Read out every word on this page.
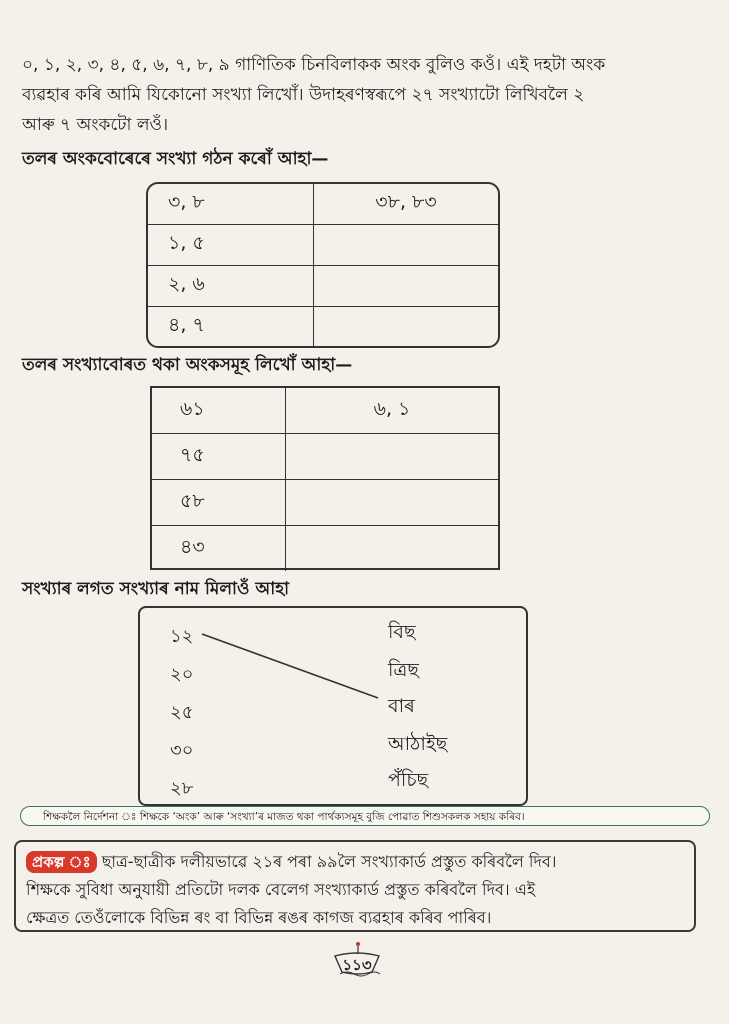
০, ১, ২, ৩, ৪, ৫, ৬, ৭, ৮, ৯ গাণিতিক চিনবিলাকক অংক বুলিও কওঁ। এই দহটা অংক
ব্যৱহাৰ কৰি আমি যিকোনো সংখ্যা লিখোঁ। উদাহৰণস্বৰূপে ২৭ সংখ্যাটো লিখিবলৈ ২
আৰু ৭ অংকটো লওঁ।
তলৰ অংকবোৰেৰে সংখ্যা গঠন কৰোঁ আহা—
৩, ৮	৩৮, ৮৩
১, ৫
২, ৬
৪, ৭
তলৰ সংখ্যাবোৰত থকা অংকসমূহ লিখোঁ আহা—
৬১	৬, ১
৭৫
৫৮
৪৩
সংখ্যাৰ লগত সংখ্যাৰ নাম মিলাওঁ আহা
১২
২০
২৫
৩০
২৮
বিছ
ত্ৰিছ
বাৰ
আঠাইছ
পঁচিছ
শিক্ষকলৈ নিৰ্দেশনা ঃ শিক্ষকে ‘অংক’ আৰু ‘সংখ্যা’ৰ মাজত থকা পাৰ্থক্যসমূহ বুজি পোৱাত শিশুসকলক সহায় কৰিব।
প্ৰকল্প ঃ ছাত্ৰ-ছাত্ৰীক দলীয়ভাৱে ২১ৰ পৰা ৯৯লৈ সংখ্যাকাৰ্ড প্ৰস্তুত কৰিবলৈ দিব।
শিক্ষকে সুবিধা অনুযায়ী প্ৰতিটো দলক বেলেগ সংখ্যাকাৰ্ড প্ৰস্তুত কৰিবলৈ দিব। এই
ক্ষেত্ৰত তেওঁলোকে বিভিন্ন ৰং বা বিভিন্ন ৰঙৰ কাগজ ব্যৱহাৰ কৰিব পাৰিব।
১১৩
